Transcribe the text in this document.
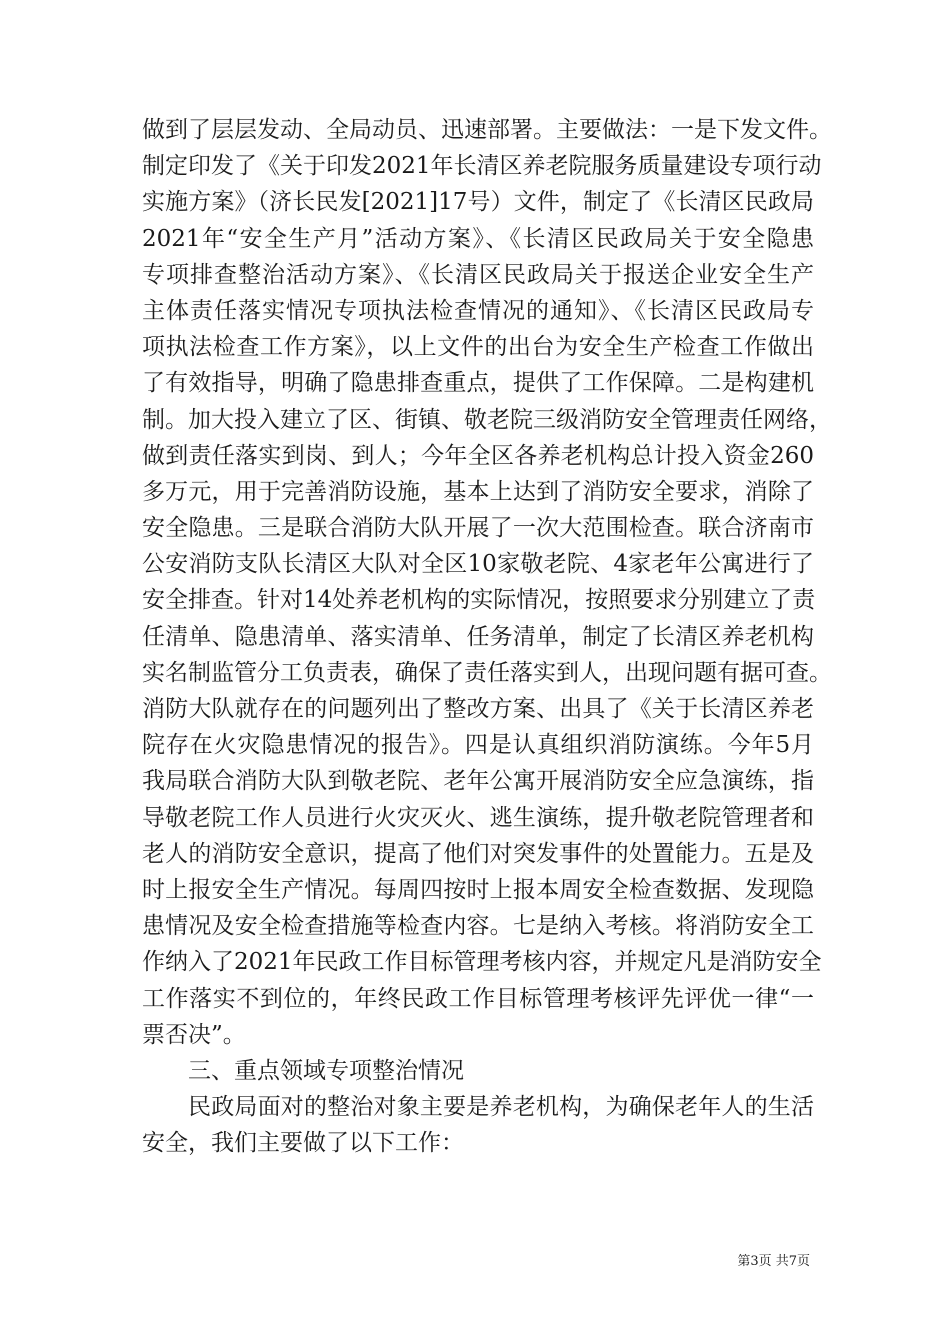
做到了层层发动、全局动员、迅速部署。主要做法：一是下发文件。
制定印发了《关于印发2021年长清区养老院服务质量建设专项行动
实施方案》（济长民发[2021]17号）文件，制定了《长清区民政局
2021年“安全生产月”活动方案》、《长清区民政局关于安全隐患
专项排查整治活动方案》、《长清区民政局关于报送企业安全生产
主体责任落实情况专项执法检查情况的通知》、《长清区民政局专
项执法检查工作方案》，以上文件的出台为安全生产检查工作做出
了有效指导，明确了隐患排查重点，提供了工作保障。二是构建机
制。加大投入建立了区、街镇、敬老院三级消防安全管理责任网络，
做到责任落实到岗、到人；今年全区各养老机构总计投入资金260
多万元，用于完善消防设施，基本上达到了消防安全要求，消除了
安全隐患。三是联合消防大队开展了一次大范围检查。联合济南市
公安消防支队长清区大队对全区10家敬老院、4家老年公寓进行了
安全排查。针对14处养老机构的实际情况，按照要求分别建立了责
任清单、隐患清单、落实清单、任务清单，制定了长清区养老机构
实名制监管分工负责表，确保了责任落实到人，出现问题有据可查。
消防大队就存在的问题列出了整改方案、出具了《关于长清区养老
院存在火灾隐患情况的报告》。四是认真组织消防演练。今年5月
我局联合消防大队到敬老院、老年公寓开展消防安全应急演练，指
导敬老院工作人员进行火灾灭火、逃生演练，提升敬老院管理者和
老人的消防安全意识，提高了他们对突发事件的处置能力。五是及
时上报安全生产情况。每周四按时上报本周安全检查数据、发现隐
患情况及安全检查措施等检查内容。七是纳入考核。将消防安全工
作纳入了2021年民政工作目标管理考核内容，并规定凡是消防安全
工作落实不到位的，年终民政工作目标管理考核评先评优一律“一
票否决”。
三、重点领域专项整治情况
民政局面对的整治对象主要是养老机构，为确保老年人的生活
安全，我们主要做了以下工作：
第3页 共7页
